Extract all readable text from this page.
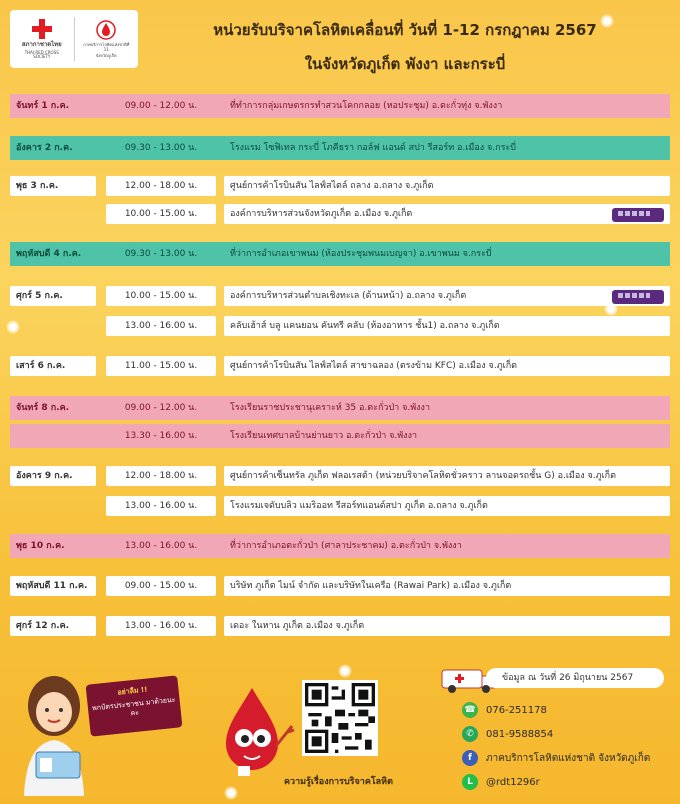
สภากาชาดไทย
THAI RED CROSS SOCIETY
ภาคบริการโลหิตแห่งชาติที่ 11
จังหวัดภูเก็ต
หน่วยรับบริจาคโลหิตเคลื่อนที่ วันที่ 1-12 กรกฎาคม 2567
ในจังหวัดภูเก็ต พังงา และกระบี่
จันทร์ 1 ก.ค.	09.00 - 12.00 น.	ที่ทำการกลุ่มเกษตรกรทำสวนโคกกลอย (หอประชุม) อ.ตะกั่วทุ่ง จ.พังงา
อังคาร 2 ก.ค.	09.30 - 13.00 น.	โรงแรม โซฟิเทล กระบี่ โภคีธรา กอล์ฟ แอนด์ สปา รีสอร์ท อ.เมือง จ.กระบี่
พุธ 3 ก.ค.	12.00 - 18.00 น.	ศูนย์การค้าโรบินสัน ไลฟ์สไตล์ ถลาง อ.ถลาง จ.ภูเก็ต
10.00 - 15.00 น.	องค์การบริหารส่วนจังหวัดภูเก็ต อ.เมือง จ.ภูเก็ต
พฤหัสบดี 4 ก.ค.	09.30 - 13.00 น.	ที่ว่าการอำเภอเขาพนม (ห้องประชุมพนมเบญจา) อ.เขาพนม จ.กระบี่
ศุกร์ 5 ก.ค.	10.00 - 15.00 น.	องค์การบริหารส่วนตำบลเชิงทะเล (ด้านหน้า) อ.ถลาง จ.ภูเก็ต
13.00 - 16.00 น.	คลับเฮ้าส์ บลู แคนยอน คันทรี คลับ (ห้องอาหาร ชั้น1) อ.ถลาง จ.ภูเก็ต
เสาร์ 6 ก.ค.	11.00 - 15.00 น.	ศูนย์การค้าโรบินสัน ไลฟ์สไตล์ สาขาฉลอง (ตรงข้าม KFC) อ.เมือง จ.ภูเก็ต
จันทร์ 8 ก.ค.	09.00 - 12.00 น.	โรงเรียนราชประชานุเคราะห์ 35 อ.ตะกั่วป่า จ.พังงา
13.30 - 16.00 น.	โรงเรียนเทศบาลบ้านย่านยาว อ.ตะกั่วป่า จ.พังงา
อังคาร 9 ก.ค.	12.00 - 18.00 น.	ศูนย์การค้าเซ็นทรัล ภูเก็ต ฟลอเรสต้า (หน่วยบริจาคโลหิตชั่วคราว ลานจอดรถชั้น G) อ.เมือง จ.ภูเก็ต
13.00 - 16.00 น.	โรงแรมเจดับบลิว แมริออท รีสอร์ทแอนด์สปา ภูเก็ต อ.ถลาง จ.ภูเก็ต
พุธ 10 ก.ค.	13.00 - 16.00 น.	ที่ว่าการอำเภอตะกั่วป่า (ศาลาประชาคม) อ.ตะกั่วป่า จ.พังงา
พฤหัสบดี 11 ก.ค.	09.00 - 15.00 น.	บริษัท ภูเก็ต ไมน์ จำกัด และบริษัทในเครือ (Rawai Park) อ.เมือง จ.ภูเก็ต
ศุกร์ 12 ก.ค.	13.00 - 16.00 น.	เดอะ ในหาน ภูเก็ต อ.เมือง จ.ภูเก็ต
อย่าลืม !!
พกบัตรประชาชน มาด้วยนะคะ
ความรู้เรื่องการบริจาคโลหิต
ข้อมูล ณ วันที่ 26 มิถุนายน 2567
☎ 076-251178
✆	081-9588854
f	ภาคบริการโลหิตแห่งชาติ จังหวัดภูเก็ต
L	@rdt1296r
